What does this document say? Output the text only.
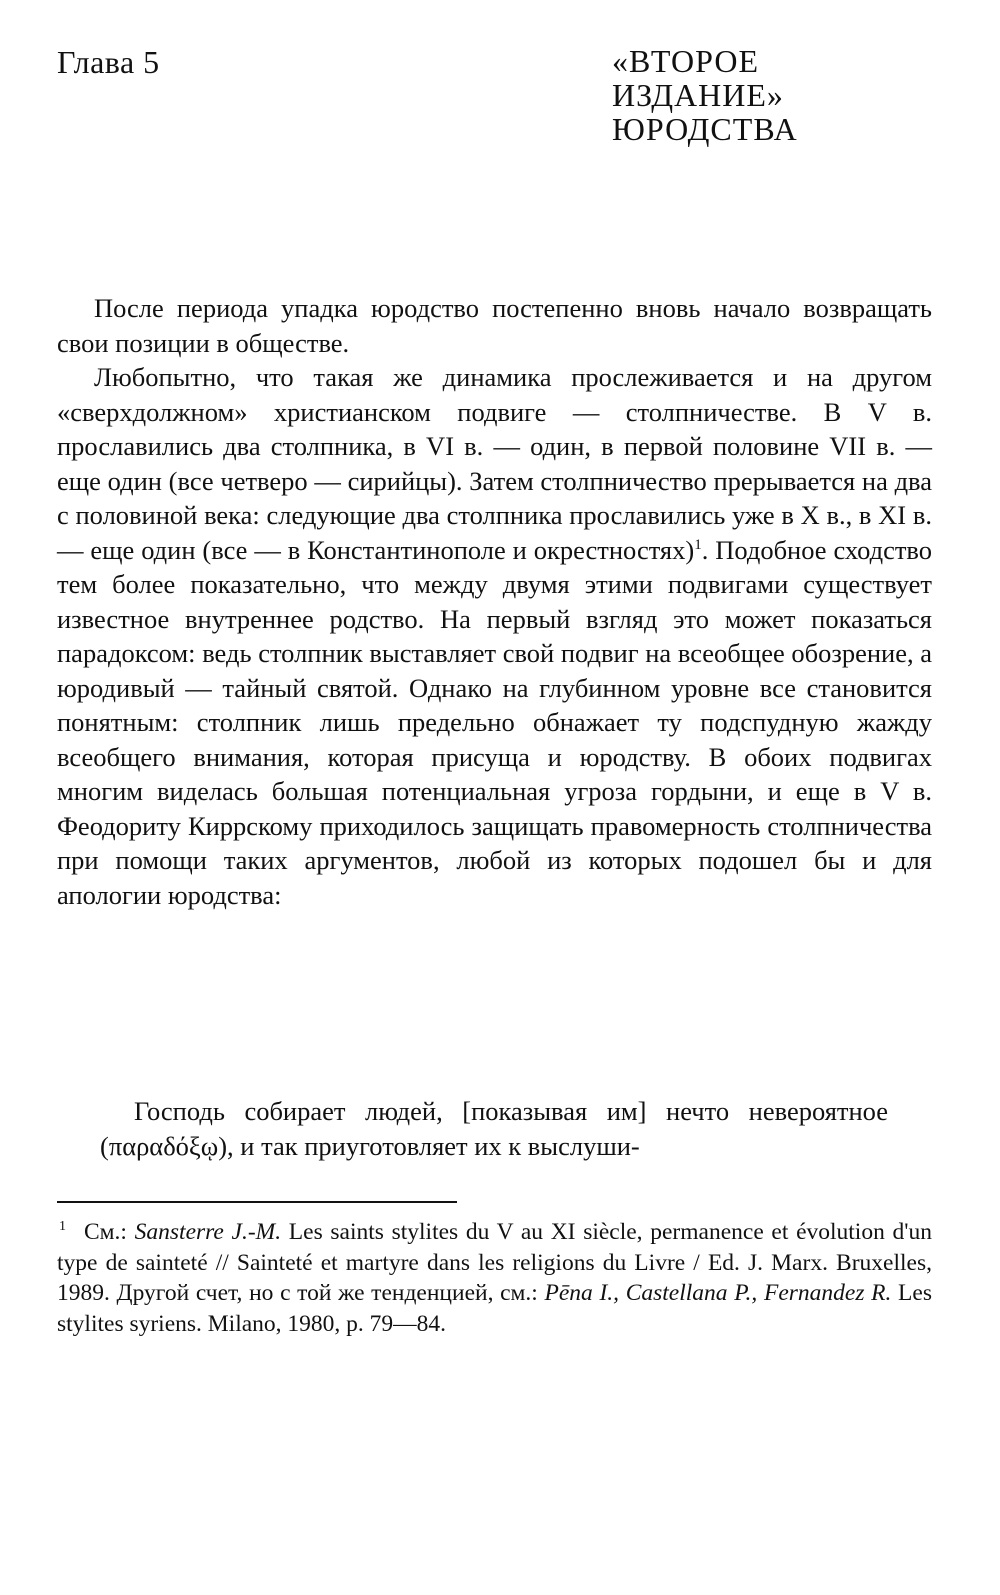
Глава 5	«ВТОРОЕ
ИЗДАНИЕ»
ЮРОДСТВА

После периода упадка юродство постепенно вновь начало возвращать свои позиции в обществе.

Любопытно, что такая же динамика прослеживается и на другом «сверхдолжном» христианском подвиге — столпничестве. В V в. прославились два столпника, в VI в. — один, в первой половине VII в. — еще один (все четверо — сирийцы). Затем столпничество прерывается на два с половиной века: следующие два столпника прославились уже в X в., в XI в. — еще один (все — в Константинополе и окрестностях)$^1$. Подобное сходство тем более показательно, что между двумя этими подвигами существует известное внутреннее родство. На первый взгляд это может показаться парадоксом: ведь столпник выставляет свой подвиг на всеобщее обозрение, а юродивый — тайный святой. Однако на глубинном уровне все становится понятным: столпник лишь предельно обнажает ту подспудную жажду всеобщего внимания, которая присуща и юродству. В обоих подвигах многим виделась большая потенциальная угроза гордыни, и еще в V в. Феодориту Киррскому приходилось защищать правомерность столпничества при помощи таких аргументов, любой из которых подошел бы и для апологии юродства:

Господь собирает людей, [показывая им] нечто невероятное (παραδόξῳ), и так приуготовляет их к выслуши-

$^1$ См.: Sansterre J.-M. Les saints stylites du V au XI siècle, permanence et évolution d'un type de sainteté // Sainteté et martyre dans les religions du Livre / Ed. J. Marx. Bruxelles, 1989. Другой счет, но с той же тенденцией, см.: Pēna I., Castellana P., Fernandez R. Les stylites syriens. Milano, 1980, p. 79—84.
